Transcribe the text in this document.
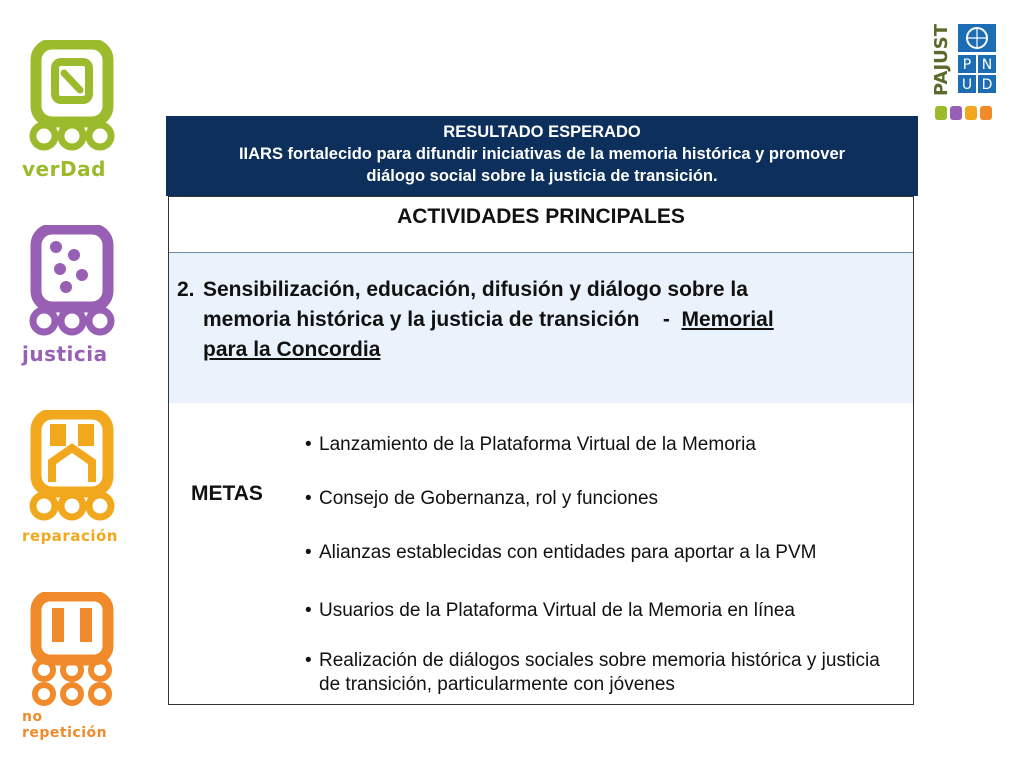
verDad
justicia
reparación
no repetición
PAJUST P N
U D
RESULTADO ESPERADO
IIARS fortalecido para difundir iniciativas de la memoria histórica y promover
diálogo social sobre la justicia de transición.
ACTIVIDADES PRINCIPALES
2. Sensibilización, educación, difusión y diálogo sobre la
memoria histórica y la justicia de transición    -  Memorial
para la Concordia
METAS
• Lanzamiento de la Plataforma Virtual de la Memoria
• Consejo de Gobernanza, rol y funciones
• Alianzas establecidas con entidades para aportar a la PVM
• Usuarios de la Plataforma Virtual de la Memoria en línea
• Realización de diálogos sociales sobre memoria histórica y justicia de transición, particularmente con jóvenes
